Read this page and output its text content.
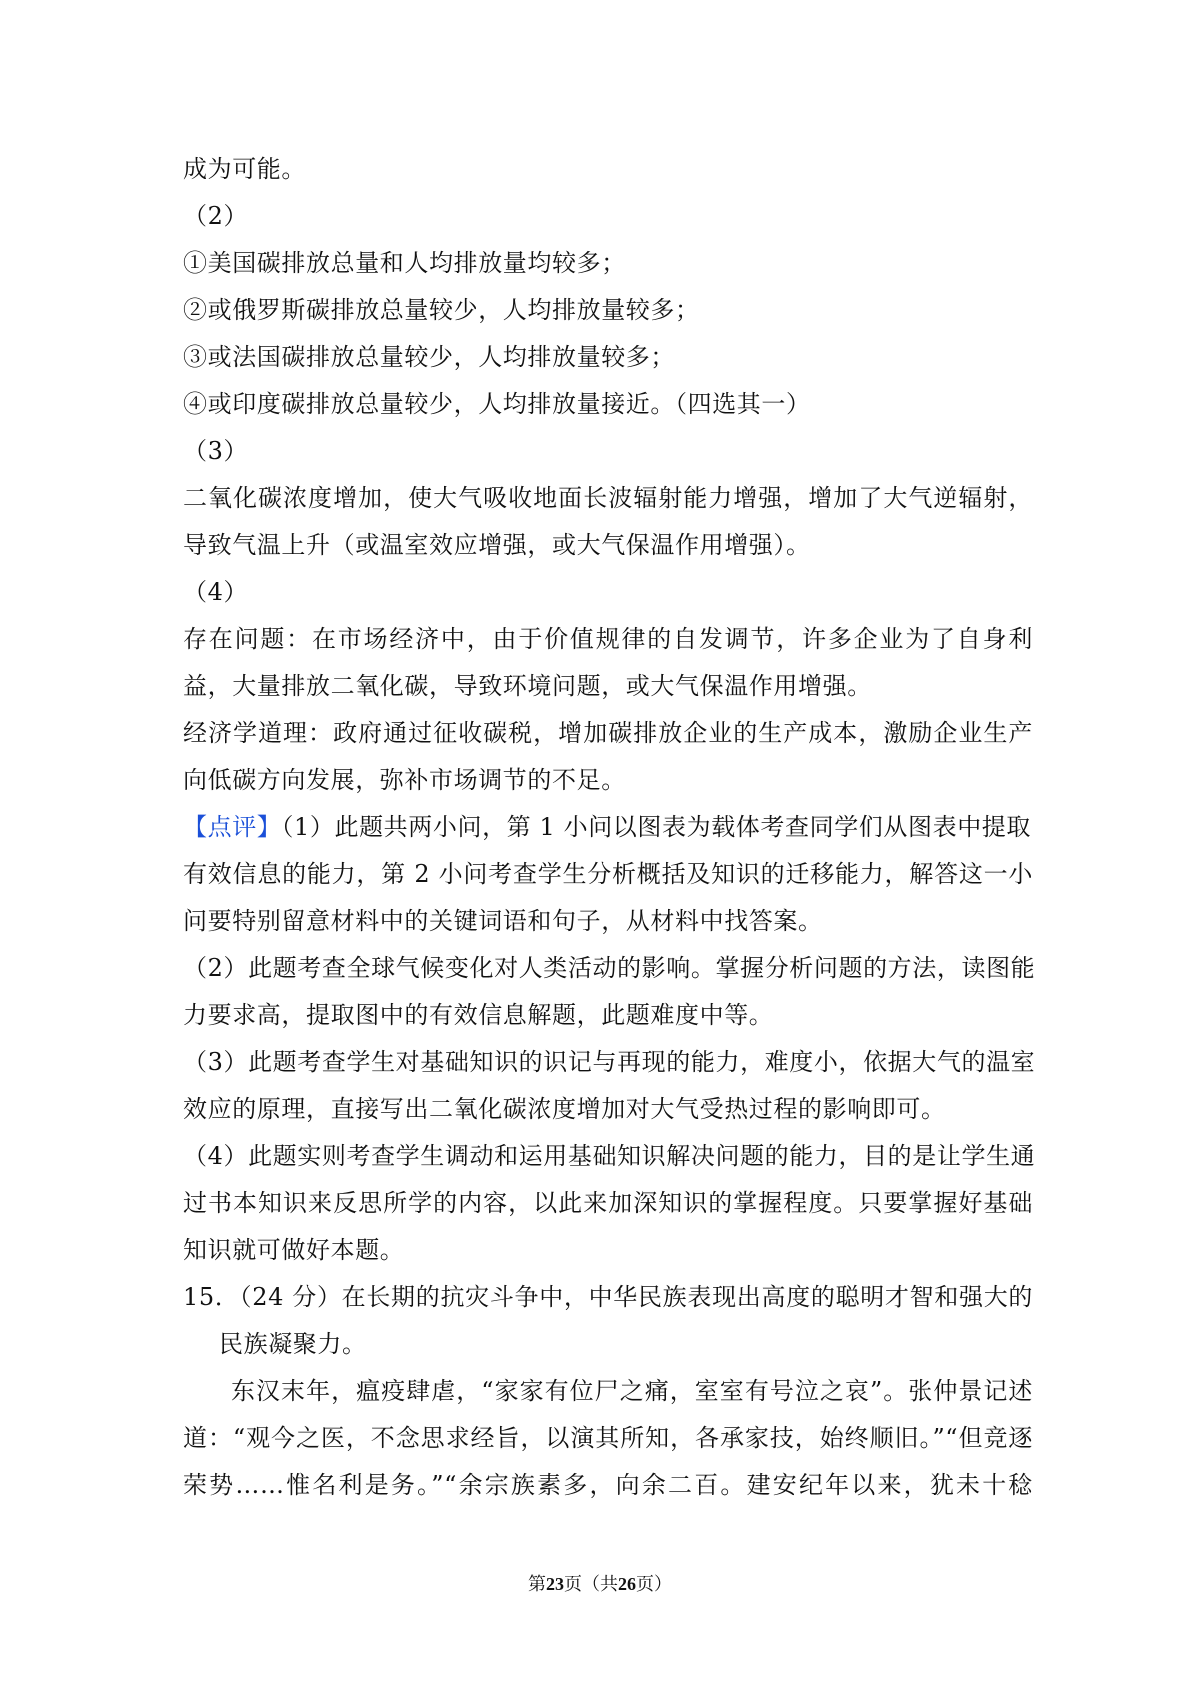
成为可能。
（2）
①美国碳排放总量和人均排放量均较多；
②或俄罗斯碳排放总量较少，人均排放量较多；
③或法国碳排放总量较少，人均排放量较多；
④或印度碳排放总量较少，人均排放量接近。（四选其一）
（3）
二氧化碳浓度增加，使大气吸收地面长波辐射能力增强，增加了大气逆辐射，
导致气温上升（或温室效应增强，或大气保温作用增强）。
（4）
存在问题：在市场经济中，由于价值规律的自发调节，许多企业为了自身利
益，大量排放二氧化碳，导致环境问题，或大气保温作用增强。
经济学道理：政府通过征收碳税，增加碳排放企业的生产成本，激励企业生产
向低碳方向发展，弥补市场调节的不足。
【点评】（1）此题共两小问，第 1 小问以图表为载体考查同学们从图表中提取
有效信息的能力，第 2 小问考查学生分析概括及知识的迁移能力，解答这一小
问要特别留意材料中的关键词语和句子，从材料中找答案。
（2）此题考查全球气候变化对人类活动的影响。掌握分析问题的方法，读图能
力要求高，提取图中的有效信息解题，此题难度中等。
（3）此题考查学生对基础知识的识记与再现的能力，难度小，依据大气的温室
效应的原理，直接写出二氧化碳浓度增加对大气受热过程的影响即可。
（4）此题实则考查学生调动和运用基础知识解决问题的能力，目的是让学生通
过书本知识来反思所学的内容，以此来加深知识的掌握程度。只要掌握好基础
知识就可做好本题。
15．（24 分）在长期的抗灾斗争中，中华民族表现出高度的聪明才智和强大的
民族凝聚力。
东汉末年，瘟疫肆虐，“家家有位尸之痛，室室有号泣之哀”。张仲景记述
道：“观今之医，不念思求经旨，以演其所知，各承家技，始终顺旧。”“但竞逐
荣势……惟名利是务。”“余宗族素多，向余二百。建安纪年以来，犹未十稔
第23页（共26页）
